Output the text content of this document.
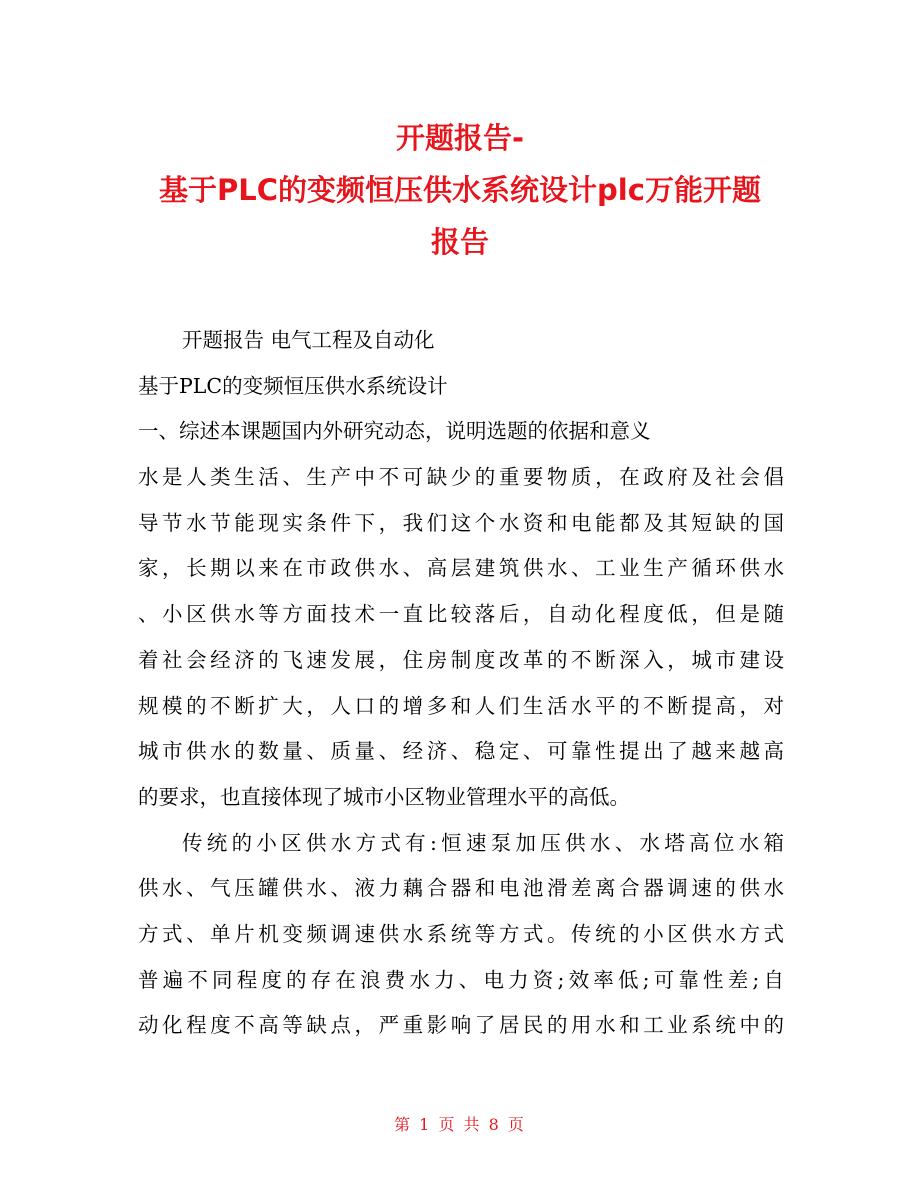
开题报告-
基于PLC的变频恒压供水系统设计plc万能开题
报告
开题报告 电气工程及自动化
基于PLC的变频恒压供水系统设计
一、综述本课题国内外研究动态，说明选题的依据和意义
水是人类生活、生产中不可缺少的重要物质，在政府及社会倡
导节水节能现实条件下，我们这个水资和电能都及其短缺的国
家，长期以来在市政供水、高层建筑供水、工业生产循环供水
、小区供水等方面技术一直比较落后，自动化程度低，但是随
着社会经济的飞速发展，住房制度改革的不断深入，城市建设
规模的不断扩大，人口的增多和人们生活水平的不断提高，对
城市供水的数量、质量、经济、稳定、可靠性提出了越来越高
的要求，也直接体现了城市小区物业管理水平的高低。
传统的小区供水方式有:恒速泵加压供水、水塔高位水箱
供水、气压罐供水、液力藕合器和电池滑差离合器调速的供水
方式、单片机变频调速供水系统等方式。传统的小区供水方式
普遍不同程度的存在浪费水力、电力资;效率低;可靠性差;自
动化程度不高等缺点，严重影响了居民的用水和工业系统中的
第 1 页 共 8 页
